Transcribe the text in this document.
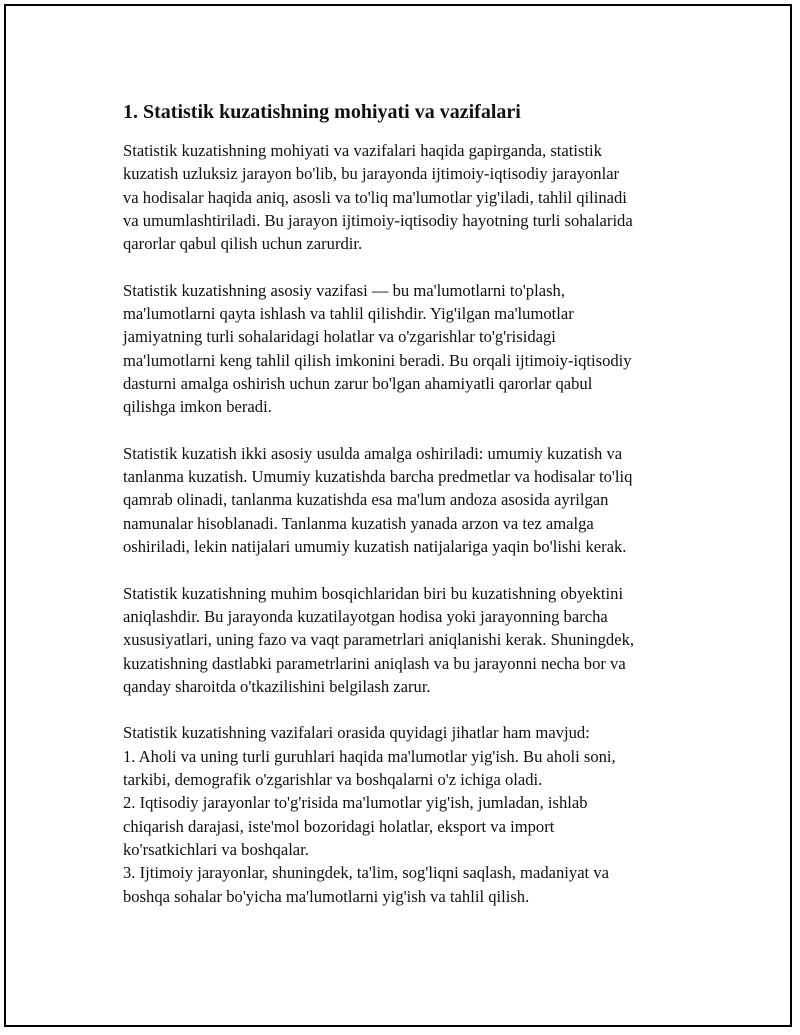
1. Statistik kuzatishning mohiyati va vazifalari

Statistik kuzatishning mohiyati va vazifalari haqida gapirganda, statistik
kuzatish uzluksiz jarayon bo'lib, bu jarayonda ijtimoiy-iqtisodiy jarayonlar
va hodisalar haqida aniq, asosli va to'liq ma'lumotlar yig'iladi, tahlil qilinadi
va umumlashtiriladi. Bu jarayon ijtimoiy-iqtisodiy hayotning turli sohalarida
qarorlar qabul qilish uchun zarurdir.

Statistik kuzatishning asosiy vazifasi — bu ma'lumotlarni to'plash,
ma'lumotlarni qayta ishlash va tahlil qilishdir. Yig'ilgan ma'lumotlar
jamiyatning turli sohalaridagi holatlar va o'zgarishlar to'g'risidagi
ma'lumotlarni keng tahlil qilish imkonini beradi. Bu orqali ijtimoiy-iqtisodiy
dasturni amalga oshirish uchun zarur bo'lgan ahamiyatli qarorlar qabul
qilishga imkon beradi.

Statistik kuzatish ikki asosiy usulda amalga oshiriladi: umumiy kuzatish va
tanlanma kuzatish. Umumiy kuzatishda barcha predmetlar va hodisalar to'liq
qamrab olinadi, tanlanma kuzatishda esa ma'lum andoza asosida ayrilgan
namunalar hisoblanadi. Tanlanma kuzatish yanada arzon va tez amalga
oshiriladi, lekin natijalari umumiy kuzatish natijalariga yaqin bo'lishi kerak.

Statistik kuzatishning muhim bosqichlaridan biri bu kuzatishning obyektini
aniqlashdir. Bu jarayonda kuzatilayotgan hodisa yoki jarayonning barcha
xususiyatlari, uning fazo va vaqt parametrlari aniqlanishi kerak. Shuningdek,
kuzatishning dastlabki parametrlarini aniqlash va bu jarayonni necha bor va
qanday sharoitda o'tkazilishini belgilash zarur.

Statistik kuzatishning vazifalari orasida quyidagi jihatlar ham mavjud:
1. Aholi va uning turli guruhlari haqida ma'lumotlar yig'ish. Bu aholi soni,
tarkibi, demografik o'zgarishlar va boshqalarni o'z ichiga oladi.
2. Iqtisodiy jarayonlar to'g'risida ma'lumotlar yig'ish, jumladan, ishlab
chiqarish darajasi, iste'mol bozoridagi holatlar, eksport va import
ko'rsatkichlari va boshqalar.
3. Ijtimoiy jarayonlar, shuningdek, ta'lim, sog'liqni saqlash, madaniyat va
boshqa sohalar bo'yicha ma'lumotlarni yig'ish va tahlil qilish.
